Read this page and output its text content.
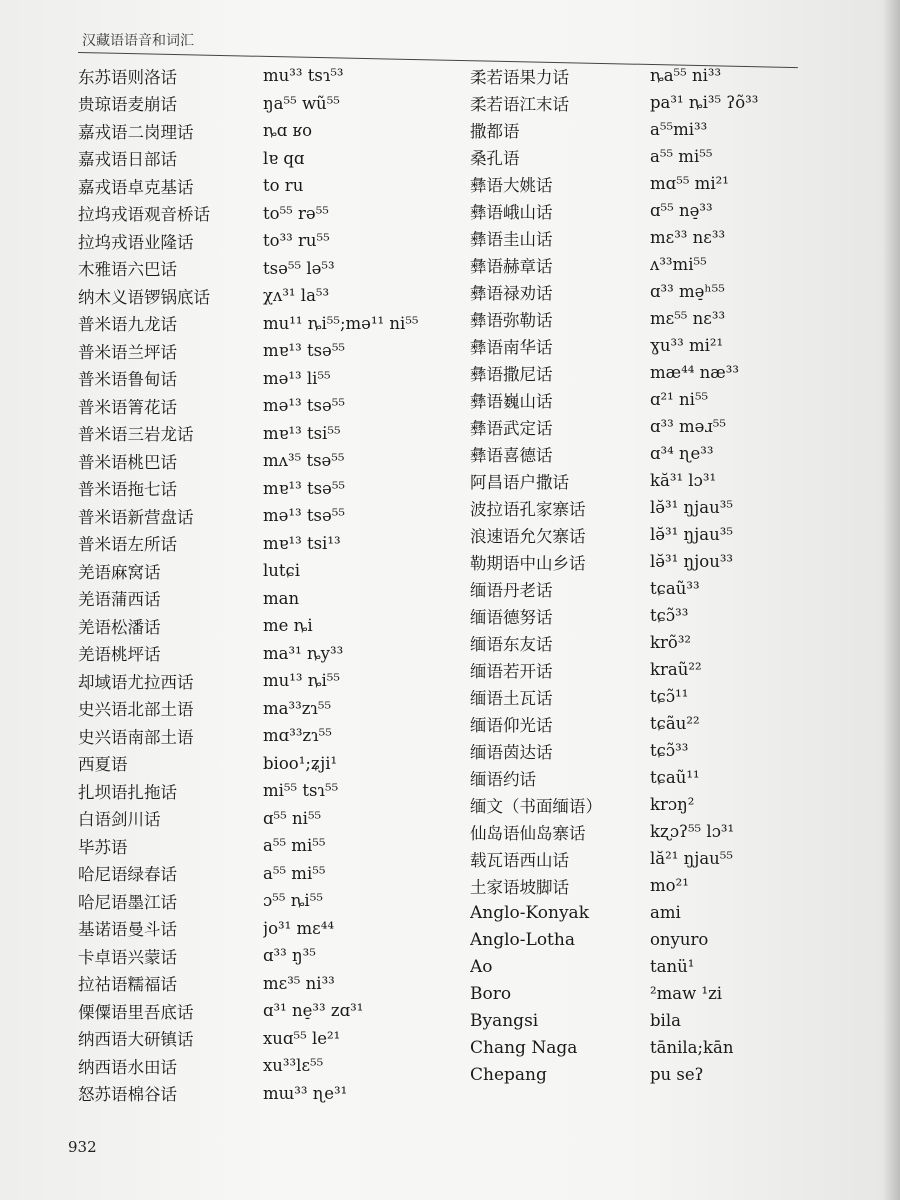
汉藏语语音和词汇
东苏语则洛话	mu³³ tsɿ⁵³
贵琼语麦崩话	ŋa⁵⁵ wũ⁵⁵
嘉戎语二岗理话	ȵɑ ʁo
嘉戎语日部话	lɐ qɑ
嘉戎语卓克基话	to ru
拉坞戎语观音桥话	to⁵⁵ rə⁵⁵
拉坞戎语业隆话	to³³ ru⁵⁵
木雅语六巴话	tsə⁵⁵ lə⁵³
纳木义语锣锅底话	χʌ³¹ la⁵³
普米语九龙话	mu¹¹ ȵi⁵⁵;mə¹¹ ni⁵⁵
普米语兰坪话	mɐ¹³ tsə⁵⁵
普米语鲁甸话	mə¹³ li⁵⁵
普米语箐花话	mə¹³ tsə⁵⁵
普米语三岩龙话	mɐ¹³ tsi̇⁵⁵
普米语桃巴话	mʌ³⁵ tsə⁵⁵
普米语拖七话	mɐ¹³ tsə⁵⁵
普米语新营盘话	mə¹³ tsə⁵⁵
普米语左所话	mɐ¹³ tsi̇¹³
羌语麻窝话	lutɕi
羌语蒲西话	man
羌语松潘话	me ȵi
羌语桃坪话	ma³¹ ȵy³³
却域语尤拉西话	mu¹³ ȵi⁵⁵
史兴语北部土语	ma³³zɿ⁵⁵
史兴语南部土语	mɑ³³zɿ⁵⁵
西夏语	bioo¹;ʑji¹
扎坝语扎拖话	mi⁵⁵ tsɿ⁵⁵
白语剑川话	ɑ⁵⁵ ni⁵⁵
毕苏语	a⁵⁵ mi⁵⁵
哈尼语绿春话	a⁵⁵ mi⁵⁵
哈尼语墨江话	ɔ⁵⁵ ȵi⁵⁵
基诺语曼斗话	jo³¹ mɛ⁴⁴
卡卓语兴蒙话	ɑ³³ ŋ³⁵
拉祜语糯福话	mɛ³⁵ ni³³
傈僳语里吾底话	ɑ³¹ ne̠³³ zɑ³¹
纳西语大研镇话	xuɑ⁵⁵ le²¹
纳西语水田话	xu³³lɛ⁵⁵
怒苏语棉谷话	mɯ³³ ɳe³¹
柔若语果力话	ȵa⁵⁵ ni³³
柔若语江末话	pa³¹ ȵi³⁵ ʔõ³³
撒都语	a⁵⁵mi³³
桑孔语	a⁵⁵ mi⁵⁵
彝语大姚话	mɑ⁵⁵ mi²¹
彝语峨山话	ɑ⁵⁵ nə̠³³
彝语圭山话	mɛ³³ nɛ³³
彝语赫章话	ʌ³³mi⁵⁵
彝语禄劝话	ɑ³³ mə̠ʰ⁵⁵
彝语弥勒话	mɛ⁵⁵ nɛ³³
彝语南华话	ɣu³³ mi²¹
彝语撒尼话	mæ⁴⁴ næ³³
彝语巍山话	ɑ²¹ ni⁵⁵
彝语武定话	ɑ³³ məɹ⁵⁵
彝语喜德话	ɑ³⁴ ɳe³³
阿昌语户撒话	kă³¹ lɔ³¹
波拉语孔家寨话	lə̆³¹ ŋjau³⁵
浪速语允欠寨话	lə̆³¹ ŋjau³⁵
勒期语中山乡话	lə̆³¹ ŋjou³³
缅语丹老话	tɕaũ³³
缅语德努话	tɕɔ̃³³
缅语东友话	krõ³²
缅语若开话	kraũ²²
缅语土瓦话	tɕɔ̃¹¹
缅语仰光话	tɕãu²²
缅语茵达话	tɕɔ̃³³
缅语约话	tɕaũ¹¹
缅文（书面缅语）	krɔŋ²
仙岛语仙岛寨话	kʐɔʔ⁵⁵ lɔ³¹
载瓦语西山话	lă²¹ ŋjau⁵⁵
土家语坡脚话	mo²¹
Anglo-Konyak	ami
Anglo-Lotha	onyuro
Ao	tanü¹
Boro	²maw ¹zi
Byangsi	bila
Chang Naga	tānila;kān
Chepang	pu seʔ
932
